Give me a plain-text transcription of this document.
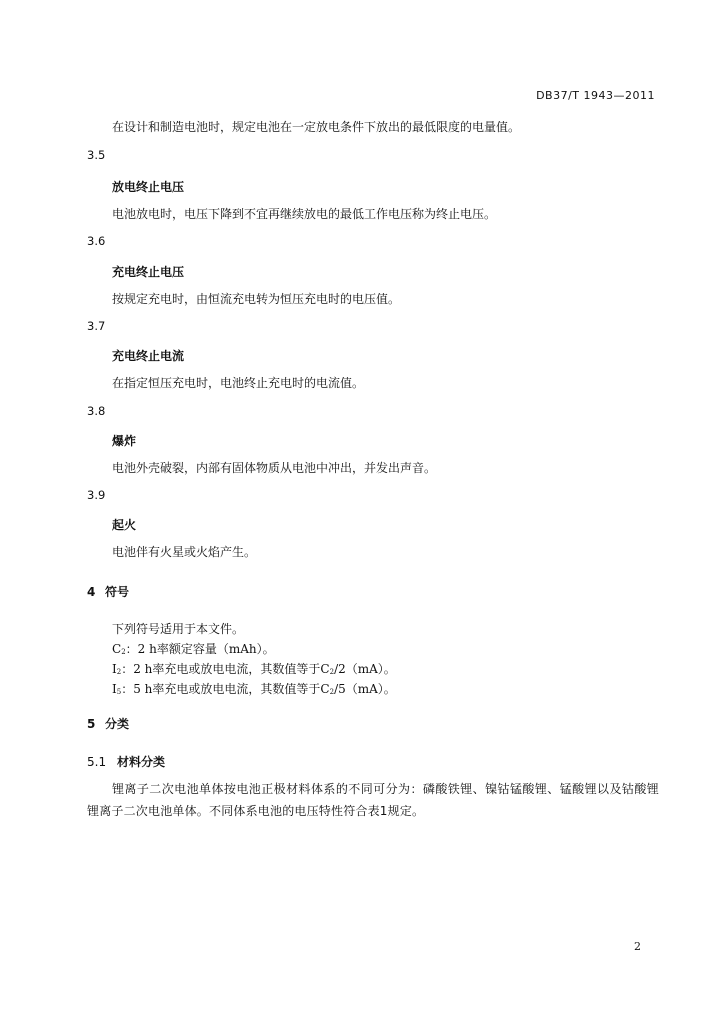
DB37/T 1943—2011
在设计和制造电池时，规定电池在一定放电条件下放出的最低限度的电量值。
3.5
放电终止电压
电池放电时，电压下降到不宜再继续放电的最低工作电压称为终止电压。
3.6
充电终止电压
按规定充电时，由恒流充电转为恒压充电时的电压值。
3.7
充电终止电流
在指定恒压充电时，电池终止充电时的电流值。
3.8
爆炸
电池外壳破裂，内部有固体物质从电池中冲出，并发出声音。
3.9
起火
电池伴有火星或火焰产生。
4 符号
下列符号适用于本文件。
$C_2$：2 h率额定容量（mAh）。
$I_2$：2 h率充电或放电电流，其数值等于$C_2/2(mA)$。
$I_5$：5 h率充电或放电电流，其数值等于$C_2/5(mA)$。
5 分类
5.1 材料分类
锂离子二次电池单体按电池正极材料体系的不同可分为：磷酸铁锂、镍钴锰酸锂、锰酸锂以及钴酸锂锂离子二次电池单体。不同体系电池的电压特性符合表1规定。
2
